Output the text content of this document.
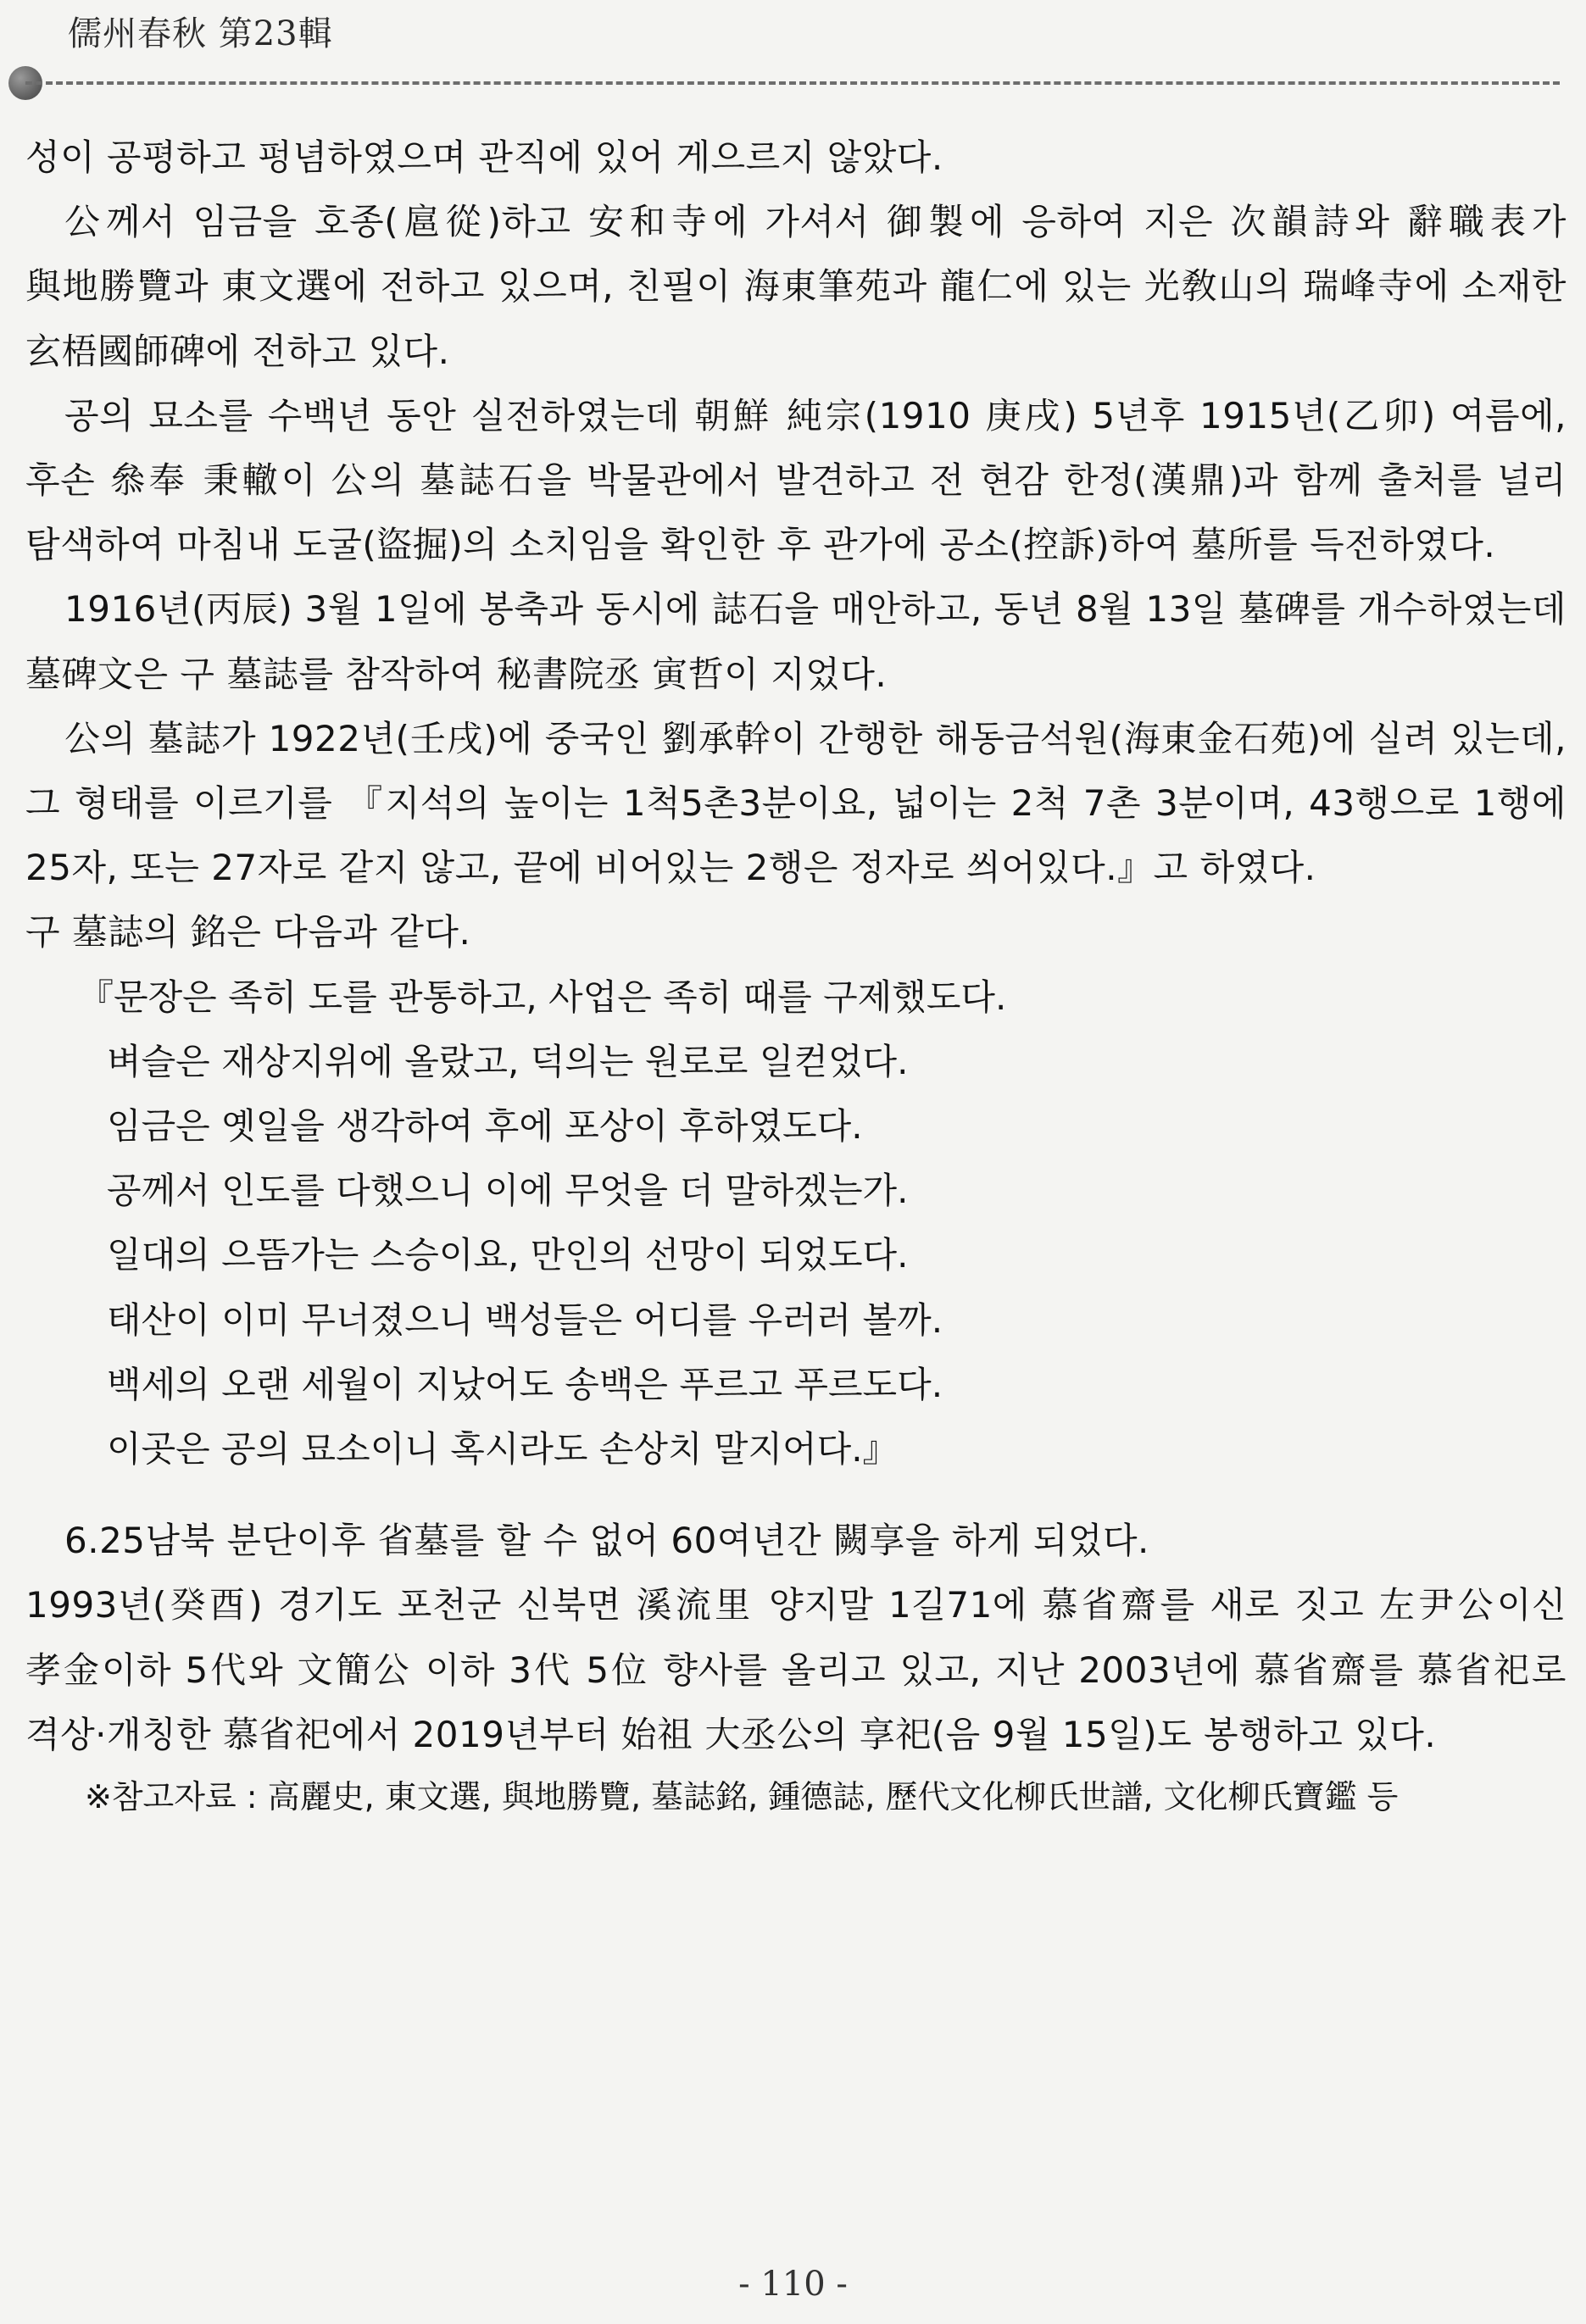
儒州春秋 第23輯

성이 공평하고 펑념하였으며 관직에 있어 게으르지 않았다.

公께서 임금을 호종(扈從)하고 安和寺에 가셔서 御製에 응하여 지은 次韻詩와 辭職表가 與地勝覽과 東文選에 전하고 있으며, 친필이 海東筆苑과 龍仁에 있는 光敎山의 瑞峰寺에 소재한 玄梧國師碑에 전하고 있다.

공의 묘소를 수백년 동안 실전하였는데 朝鮮 純宗(1910 庚戌) 5년후 1915년(乙卯) 여름에, 후손 叅奉 秉轍이 公의 墓誌石을 박물관에서 발견하고 전 현감 한정(漢鼎)과 함께 출처를 널리 탐색하여 마침내 도굴(盜掘)의 소치임을 확인한 후 관가에 공소(控訴)하여 墓所를 득전하였다.

1916년(丙辰) 3월 1일에 봉축과 동시에 誌石을 매안하고, 동년 8월 13일 墓碑를 개수하였는데 墓碑文은 구 墓誌를 참작하여 秘書院丞 寅哲이 지었다.

公의 墓誌가 1922년(壬戌)에 중국인 劉承幹이 간행한 해동금석원(海東金石苑)에 실려 있는데, 그 형태를 이르기를 『지석의 높이는 1척5촌3분이요, 넓이는 2척 7촌 3분이며, 43행으로 1행에 25자, 또는 27자로 같지 않고, 끝에 비어있는 2행은 정자로 씌어있다.』고 하였다.

구 墓誌의 銘은 다음과 같다.

『문장은 족히 도를 관통하고, 사업은 족히 때를 구제했도다.
벼슬은 재상지위에 올랐고, 덕의는 원로로 일컫었다.
임금은 옛일을 생각하여 후에 포상이 후하였도다.
공께서 인도를 다했으니 이에 무엇을 더 말하겠는가.
일대의 으뜸가는 스승이요, 만인의 선망이 되었도다.
태산이 이미 무너졌으니 백성들은 어디를 우러러 볼까.
백세의 오랜 세월이 지났어도 송백은 푸르고 푸르도다.
이곳은 공의 묘소이니 혹시라도 손상치 말지어다.』

6.25남북 분단이후 省墓를 할 수 없어 60여년간 闕享을 하게 되었다.

1993년(癸酉) 경기도 포천군 신북면 溪流里 양지말 1길71에 慕省齋를 새로 짓고 左尹公이신 孝金이하 5代와 文簡公 이하 3代 5位 향사를 올리고 있고, 지난 2003년에 慕省齋를 慕省祀로 격상·개칭한 慕省祀에서 2019년부터 始祖 大丞公의 享祀(음 9월 15일)도 봉행하고 있다.

※참고자료 : 高麗史, 東文選, 與地勝覽, 墓誌銘, 鍾德誌, 歷代文化柳氏世譜, 文化柳氏寶鑑 등

- 110 -
